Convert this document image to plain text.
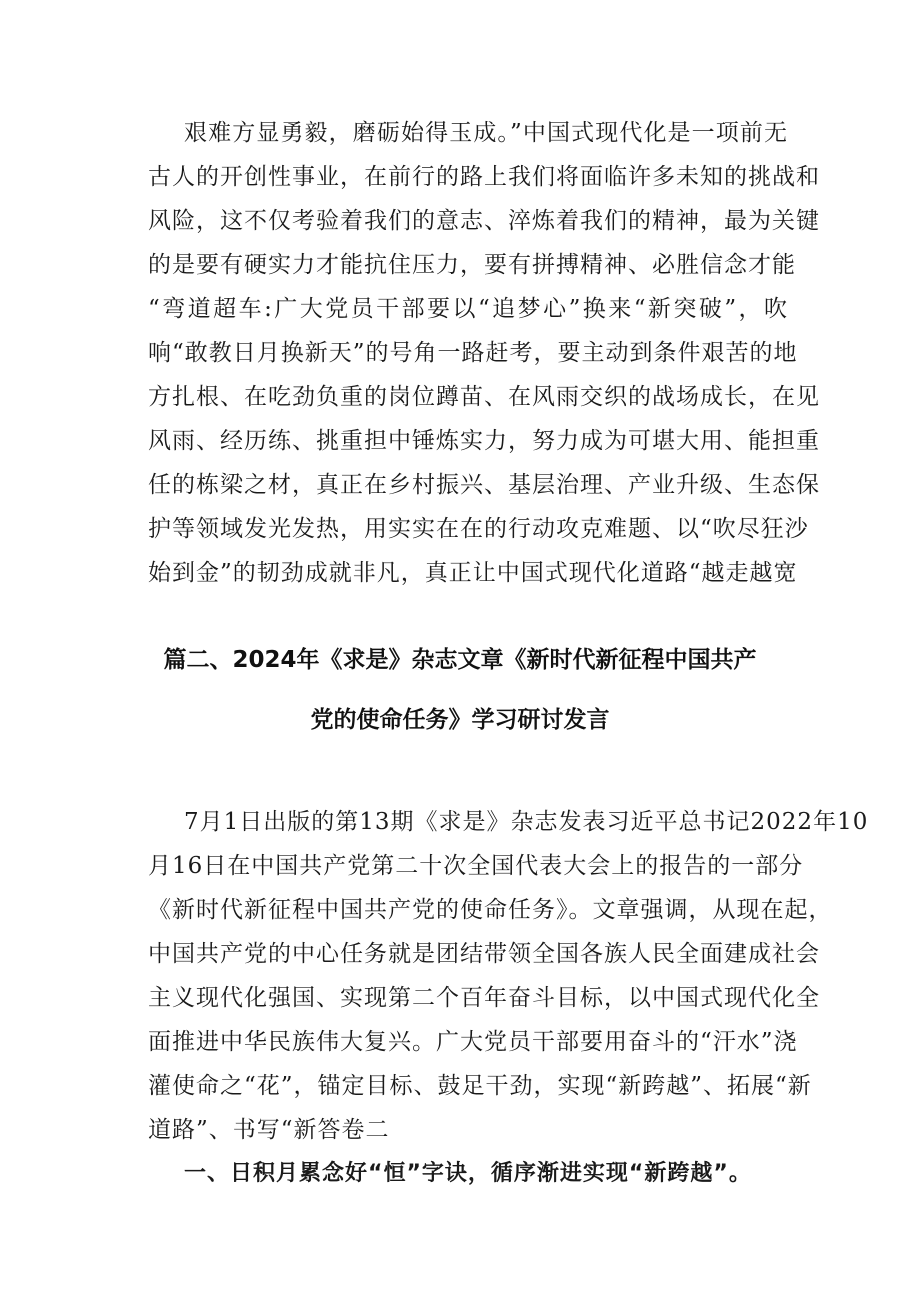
艰难方显勇毅，磨砺始得玉成。”中国式现代化是一项前无
古人的开创性事业，在前行的路上我们将面临许多未知的挑战和
风险，这不仅考验着我们的意志、淬炼着我们的精神，最为关键
的是要有硬实力才能抗住压力，要有拼搏精神、必胜信念才能
“弯道超车:广大党员干部要以“追梦心”换来“新突破”，吹
响“敢教日月换新天”的号角一路赶考，要主动到条件艰苦的地
方扎根、在吃劲负重的岗位蹲苗、在风雨交织的战场成长，在见
风雨、经历练、挑重担中锤炼实力，努力成为可堪大用、能担重
任的栋梁之材，真正在乡村振兴、基层治理、产业升级、生态保
护等领域发光发热，用实实在在的行动攻克难题、以“吹尽狂沙
始到金”的韧劲成就非凡，真正让中国式现代化道路“越走越宽
篇二、2024年《求是》杂志文章《新时代新征程中国共产
党的使命任务》学习研讨发言
7月1日出版的第13期《求是》杂志发表习近平总书记2022年10
月16日在中国共产党第二十次全国代表大会上的报告的一部分
《新时代新征程中国共产党的使命任务》。文章强调，从现在起，
中国共产党的中心任务就是团结带领全国各族人民全面建成社会
主义现代化强国、实现第二个百年奋斗目标，以中国式现代化全
面推进中华民族伟大复兴。广大党员干部要用奋斗的“汗水”浇
灌使命之“花”，锚定目标、鼓足干劲，实现“新跨越”、拓展“新
道路”、书写“新答卷二
一、日积月累念好“恒”字诀，循序渐进实现“新跨越”。
